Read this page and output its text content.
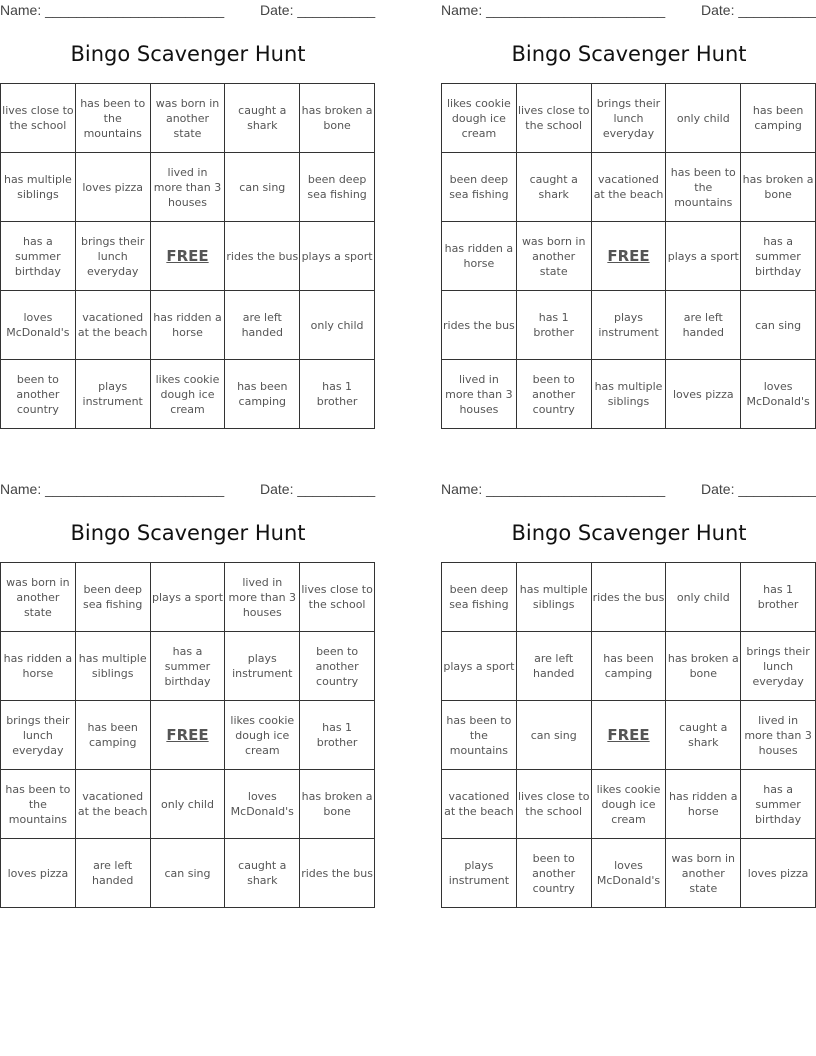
Name: _______________________	Date: __________
Bingo Scavenger Hunt
lives close to the school	has been to the mountains	was born in another state	caught a shark	has broken a bone
has multiple siblings	loves pizza	lived in more than 3 houses	can sing	been deep sea fishing
has a summer birthday	brings their lunch everyday	FREE	rides the bus	plays a sport
loves McDonald's	vacationed at the beach	has ridden a horse	are left handed	only child
been to another country	plays instrument	likes cookie dough ice cream	has been camping	has 1 brother
Name: _______________________	Date: __________
Bingo Scavenger Hunt
likes cookie dough ice cream	lives close to the school	brings their lunch everyday	only child	has been camping
been deep sea fishing	caught a shark	vacationed at the beach	has been to the mountains	has broken a bone
has ridden a horse	was born in another state	FREE	plays a sport	has a summer birthday
rides the bus	has 1 brother	plays instrument	are left handed	can sing
lived in more than 3 houses	been to another country	has multiple siblings	loves pizza	loves McDonald's
Name: _______________________	Date: __________
Bingo Scavenger Hunt
was born in another state	been deep sea fishing	plays a sport	lived in more than 3 houses	lives close to the school
has ridden a horse	has multiple siblings	has a summer birthday	plays instrument	been to another country
brings their lunch everyday	has been camping	FREE	likes cookie dough ice cream	has 1 brother
has been to the mountains	vacationed at the beach	only child	loves McDonald's	has broken a bone
loves pizza	are left handed	can sing	caught a shark	rides the bus
Name: _______________________	Date: __________
Bingo Scavenger Hunt
been deep sea fishing	has multiple siblings	rides the bus	only child	has 1 brother
plays a sport	are left handed	has been camping	has broken a bone	brings their lunch everyday
has been to the mountains	can sing	FREE	caught a shark	lived in more than 3 houses
vacationed at the beach	lives close to the school	likes cookie dough ice cream	has ridden a horse	has a summer birthday
plays instrument	been to another country	loves McDonald's	was born in another state	loves pizza
